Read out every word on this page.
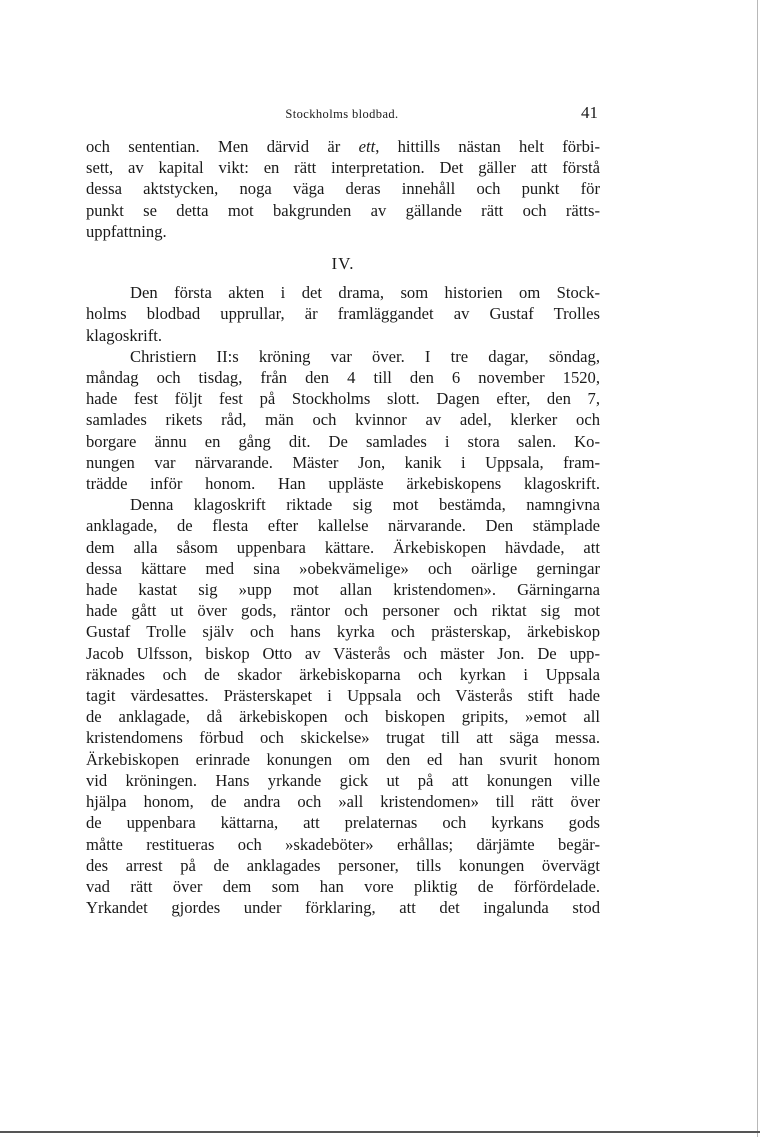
Stockholms blodbad.	41
och sententian. Men därvid är ett, hittills nästan helt förbi-
sett, av kapital vikt: en rätt interpretation. Det gäller att förstå
dessa aktstycken, noga väga deras innehåll och punkt för
punkt se detta mot bakgrunden av gällande rätt och rätts-
uppfattning.
IV.
Den första akten i det drama, som historien om Stock-
holms blodbad upprullar, är framläggandet av Gustaf Trolles
klagoskrift.
Christiern II:s kröning var över. I tre dagar, söndag,
måndag och tisdag, från den 4 till den 6 november 1520,
hade fest följt fest på Stockholms slott. Dagen efter, den 7,
samlades rikets råd, män och kvinnor av adel, klerker och
borgare ännu en gång dit. De samlades i stora salen. Ko-
nungen var närvarande. Mäster Jon, kanik i Uppsala, fram-
trädde inför honom. Han uppläste ärkebiskopens klagoskrift.
Denna klagoskrift riktade sig mot bestämda, namngivna
anklagade, de flesta efter kallelse närvarande. Den stämplade
dem alla såsom uppenbara kättare. Ärkebiskopen hävdade, att
dessa kättare med sina »obekvämelige» och oärlige gerningar
hade kastat sig »upp mot allan kristendomen». Gärningarna
hade gått ut över gods, räntor och personer och riktat sig mot
Gustaf Trolle själv och hans kyrka och prästerskap, ärkebiskop
Jacob Ulfsson, biskop Otto av Västerås och mäster Jon. De upp-
räknades och de skador ärkebiskoparna och kyrkan i Uppsala
tagit värdesattes. Prästerskapet i Uppsala och Västerås stift hade
de anklagade, då ärkebiskopen och biskopen gripits, »emot all
kristendomens förbud och skickelse» trugat till att säga messa.
Ärkebiskopen erinrade konungen om den ed han svurit honom
vid kröningen. Hans yrkande gick ut på att konungen ville
hjälpa honom, de andra och »all kristendomen» till rätt över
de uppenbara kättarna, att prelaternas och kyrkans gods
måtte restitueras och »skadeböter» erhållas; därjämte begär-
des arrest på de anklagades personer, tills konungen övervägt
vad rätt över dem som han vore pliktig de förfördelade.
Yrkandet gjordes under förklaring, att det ingalunda stod
